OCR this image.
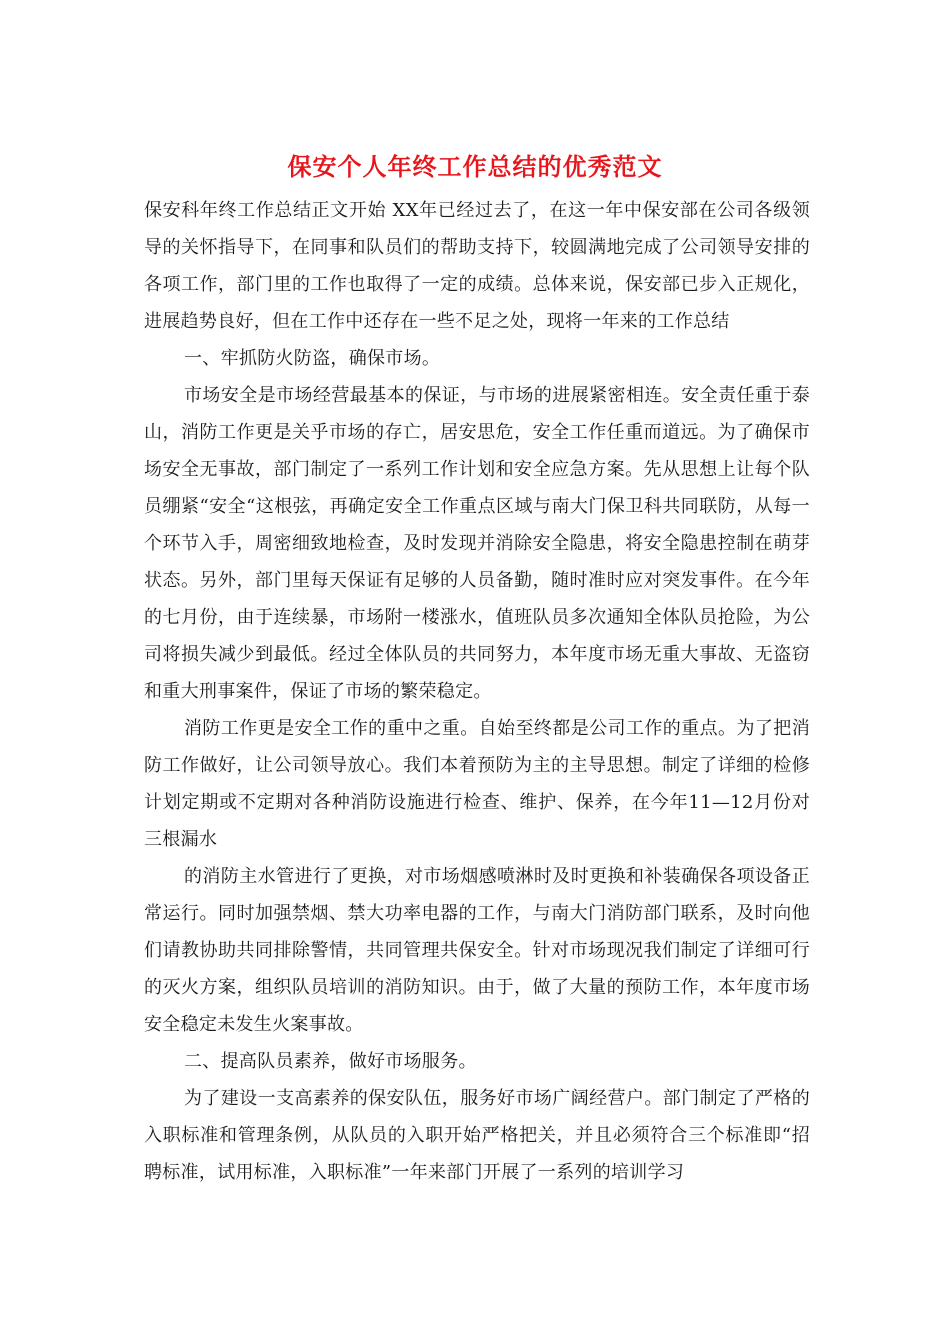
保安个人年终工作总结的优秀范文

保安科年终工作总结正文开始 XX年已经过去了，在这一年中保安部在公司各级领导的关怀指导下，在同事和队员们的帮助支持下，较圆满地完成了公司领导安排的各项工作，部门里的工作也取得了一定的成绩。总体来说，保安部已步入正规化，进展趋势良好，但在工作中还存在一些不足之处，现将一年来的工作总结

一、牢抓防火防盗，确保市场。

市场安全是市场经营最基本的保证，与市场的进展紧密相连。安全责任重于泰山，消防工作更是关乎市场的存亡，居安思危，安全工作任重而道远。为了确保市场安全无事故，部门制定了一系列工作计划和安全应急方案。先从思想上让每个队员绷紧“安全“这根弦，再确定安全工作重点区域与南大门保卫科共同联防，从每一个环节入手，周密细致地检查，及时发现并消除安全隐患，将安全隐患控制在萌芽状态。另外，部门里每天保证有足够的人员备勤，随时准时应对突发事件。在今年的七月份，由于连续暴，市场附一楼涨水，值班队员多次通知全体队员抢险，为公司将损失减少到最低。经过全体队员的共同努力，本年度市场无重大事故、无盗窃和重大刑事案件，保证了市场的繁荣稳定。

消防工作更是安全工作的重中之重。自始至终都是公司工作的重点。为了把消防工作做好，让公司领导放心。我们本着预防为主的主导思想。制定了详细的检修计划定期或不定期对各种消防设施进行检查、维护、保养，在今年11—12月份对三根漏水

的消防主水管进行了更换，对市场烟感喷淋时及时更换和补装确保各项设备正常运行。同时加强禁烟、禁大功率电器的工作，与南大门消防部门联系，及时向他们请教协助共同排除警情，共同管理共保安全。针对市场现况我们制定了详细可行的灭火方案，组织队员培训的消防知识。由于，做了大量的预防工作，本年度市场安全稳定未发生火案事故。

二、提高队员素养，做好市场服务。

为了建设一支高素养的保安队伍，服务好市场广阔经营户。部门制定了严格的入职标准和管理条例，从队员的入职开始严格把关，并且必须符合三个标准即“招聘标准，试用标准，入职标准”一年来部门开展了一系列的培训学习
